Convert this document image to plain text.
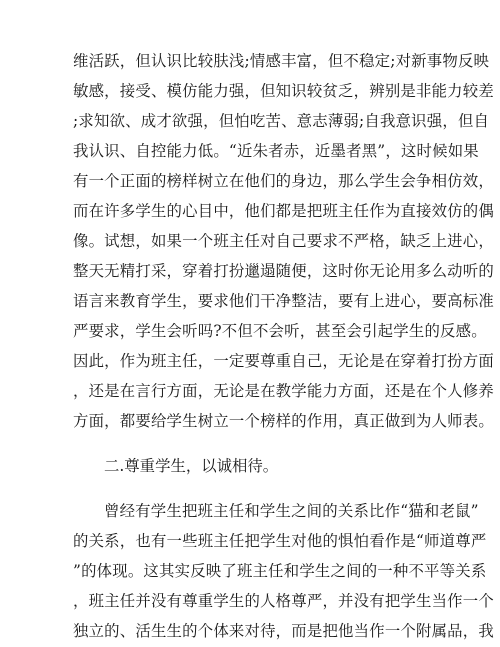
维活跃，但认识比较肤浅;情感丰富，但不稳定;对新事物反映
敏感，接受、模仿能力强，但知识较贫乏，辨别是非能力较差
;求知欲、成才欲强，但怕吃苦、意志薄弱;自我意识强，但自
我认识、自控能力低。“近朱者赤，近墨者黑”，这时候如果
有一个正面的榜样树立在他们的身边，那么学生会争相仿效，
而在许多学生的心目中，他们都是把班主任作为直接效仿的偶
像。试想，如果一个班主任对自己要求不严格，缺乏上进心，
整天无精打采，穿着打扮邋遢随便，这时你无论用多么动听的
语言来教育学生，要求他们干净整洁，要有上进心，要高标准
严要求，学生会听吗?不但不会听，甚至会引起学生的反感。
因此，作为班主任，一定要尊重自己，无论是在穿着打扮方面
，还是在言行方面，无论是在教学能力方面，还是在个人修养
方面，都要给学生树立一个榜样的作用，真正做到为人师表。
二.尊重学生，以诚相待。
曾经有学生把班主任和学生之间的关系比作“猫和老鼠”
的关系，也有一些班主任把学生对他的惧怕看作是“师道尊严
”的体现。这其实反映了班主任和学生之间的一种不平等关系
，班主任并没有尊重学生的人格尊严，并没有把学生当作一个
独立的、活生生的个体来对待，而是把他当作一个附属品，我
